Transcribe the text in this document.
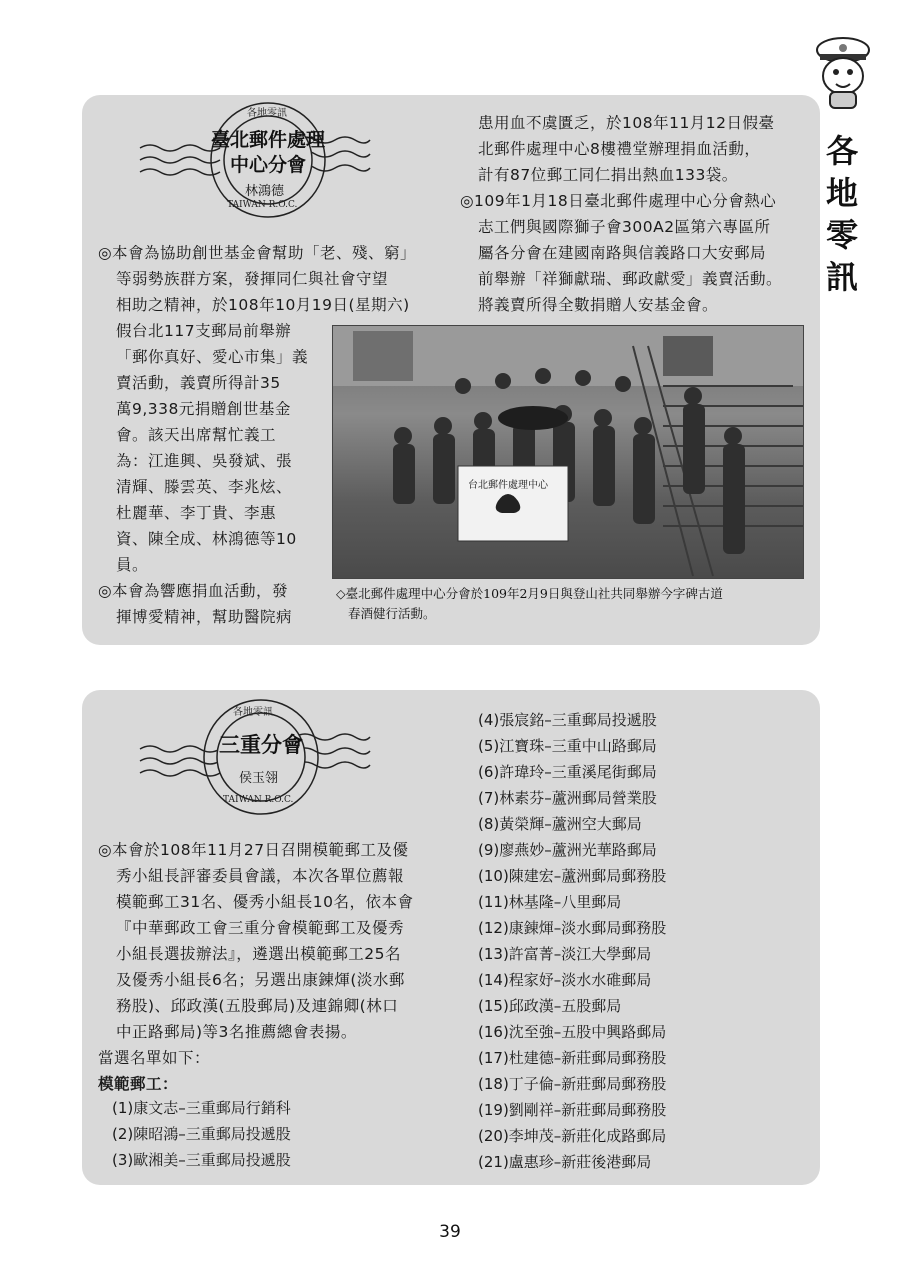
各
地
零
訊
各地零訊
臺北郵件處理
中心分會
林鴻德
TAIWAN R.O.C.

◎本會為協助創世基金會幫助「老、殘、窮」

等弱勢族群方案，發揮同仁與社會守望

相助之精神，於108年10月19日(星期六)

假台北117支郵局前舉辦

「郵你真好、愛心市集」義

賣活動，義賣所得計35

萬9,338元捐贈創世基金

會。該天出席幫忙義工

為：江進興、吳發斌、張

清輝、滕雲英、李兆炫、

杜麗華、李丁貴、李惠

資、陳全成、林鴻德等10

員。

◎本會為響應捐血活動，發

揮博愛精神，幫助醫院病

患用血不虞匱乏，於108年11月12日假臺

北郵件處理中心8樓禮堂辦理捐血活動，

計有87位郵工同仁捐出熱血133袋。

◎109年1月18日臺北郵件處理中心分會熱心

志工們與國際獅子會300A2區第六專區所

屬各分會在建國南路與信義路口大安郵局

前舉辦「祥獅獻瑞、郵政獻愛」義賣活動。

將義賣所得全數捐贈人安基金會。

台北郵件處理中心
◇臺北郵件處理中心分會於109年2月9日與登山社共同舉辦今字碑古道
春酒健行活動。
各地零訊
三重分會
侯玉翎
TAIWAN R.O.C.

◎本會於108年11月27日召開模範郵工及優

秀小組長評審委員會議，本次各單位薦報

模範郵工31名、優秀小組長10名，依本會

『中華郵政工會三重分會模範郵工及優秀

小組長選拔辦法』，遴選出模範郵工25名

及優秀小組長6名；另選出康錬煇(淡水郵

務股)、邱政漢(五股郵局)及連錦卿(林口

中正路郵局)等3名推薦總會表揚。

當選名單如下：

模範郵工：

(1)康文志–三重郵局行銷科
(2)陳昭鴻–三重郵局投遞股
(3)歐湘美–三重郵局投遞股
(4)張宸銘–三重郵局投遞股
(5)江寶珠–三重中山路郵局
(6)許瑋玲–三重溪尾街郵局
(7)林素芬–蘆洲郵局營業股
(8)黃榮輝–蘆洲空大郵局
(9)廖燕妙–蘆洲光華路郵局
(10)陳建宏–蘆洲郵局郵務股
(11)林基隆–八里郵局
(12)康錬煇–淡水郵局郵務股
(13)許富菁–淡江大學郵局
(14)程家妤–淡水水碓郵局
(15)邱政漢–五股郵局
(16)沈至強–五股中興路郵局
(17)杜建德–新莊郵局郵務股
(18)丁子倫–新莊郵局郵務股
(19)劉剛祥–新莊郵局郵務股
(20)李坤茂–新莊化成路郵局
(21)盧惠珍–新莊後港郵局
39
